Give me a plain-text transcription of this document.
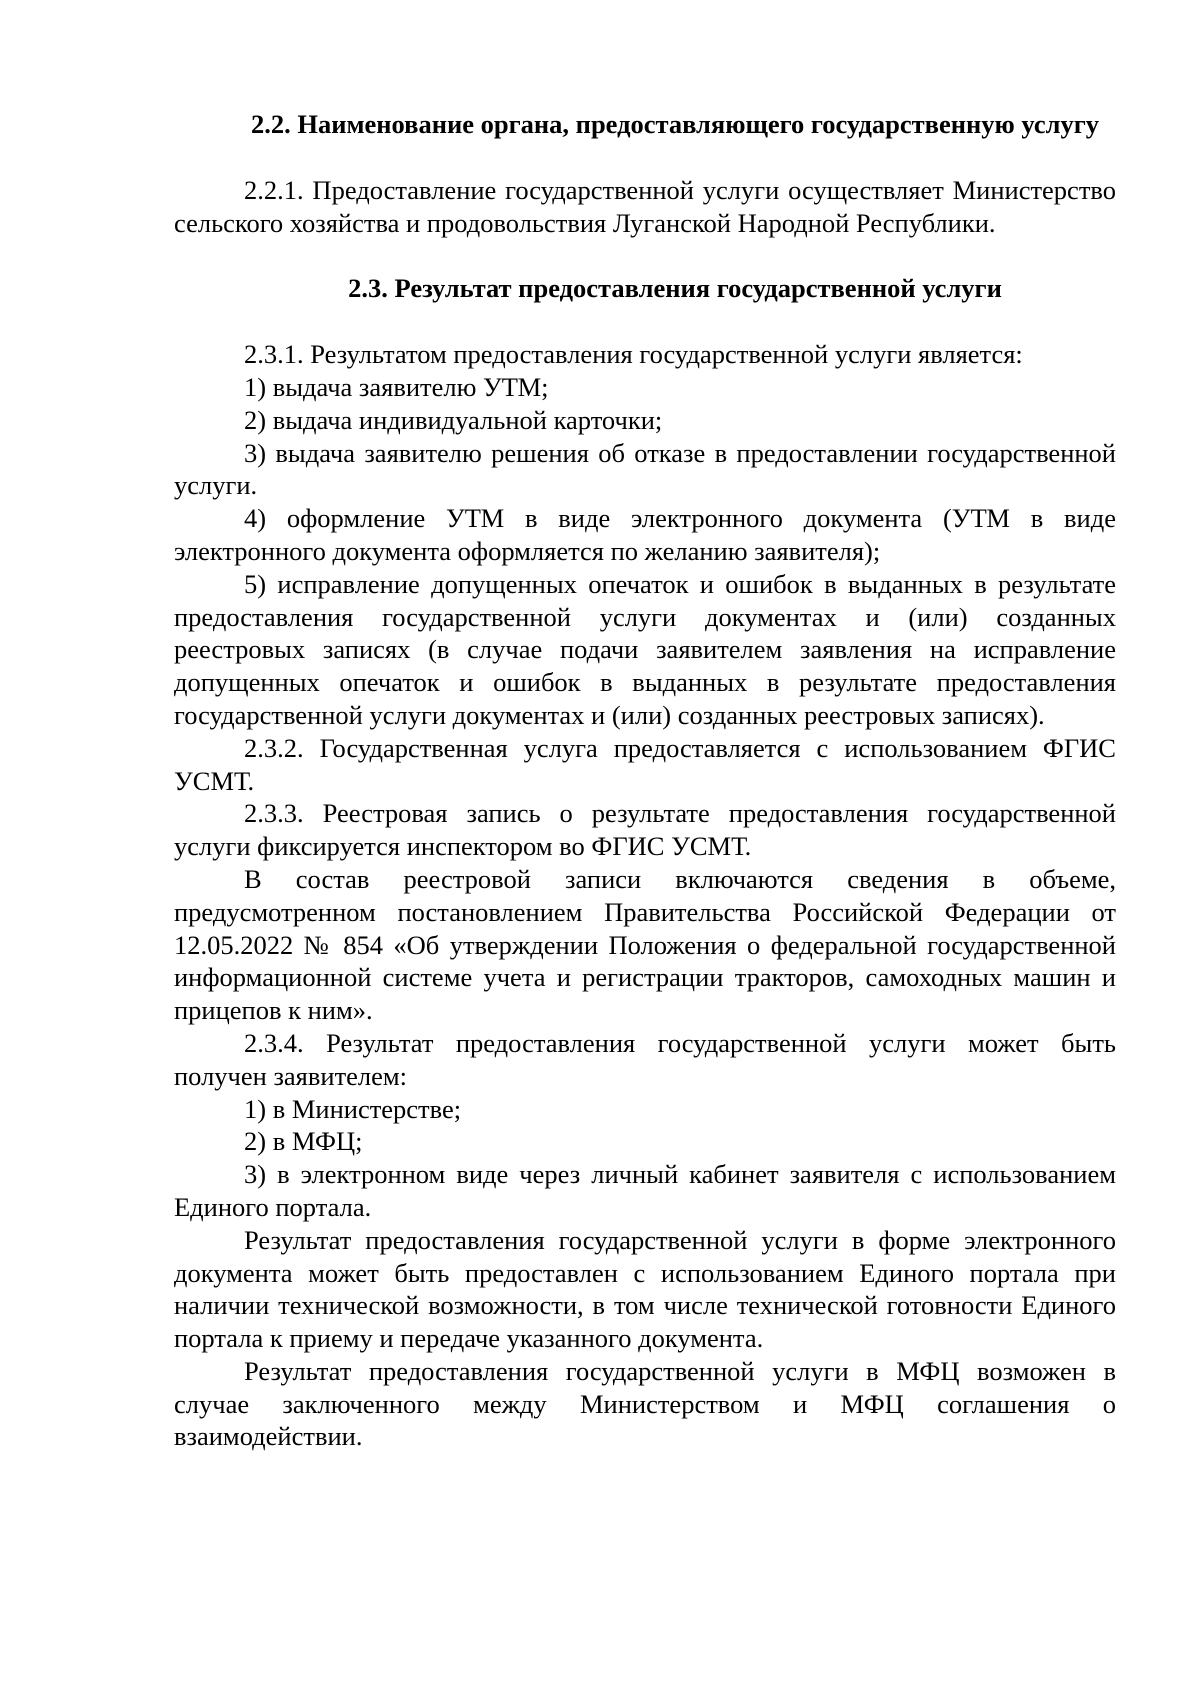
2.2. Наименование органа, предоставляющего государственную услугу

2.2.1. Предоставление государственной услуги осуществляет Министерство сельского хозяйства и продовольствия Луганской Народной Республики.

2.3. Результат предоставления государственной услуги

2.3.1. Результатом предоставления государственной услуги является:

1) выдача заявителю УТМ;

2) выдача индивидуальной карточки;

3) выдача заявителю решения об отказе в предоставлении государственной услуги.

4) оформление УТМ в виде электронного документа (УТМ в виде электронного документа оформляется по желанию заявителя);

5) исправление допущенных опечаток и ошибок в выданных в результате предоставления государственной услуги документах и (или) созданных реестровых записях (в случае подачи заявителем заявления на исправление допущенных опечаток и ошибок в выданных в результате предоставления государственной услуги документах и (или) созданных реестровых записях).

2.3.2. Государственная услуга предоставляется с использованием ФГИС УСМТ.

2.3.3. Реестровая запись о результате предоставления государственной услуги фиксируется инспектором во ФГИС УСМТ.

В состав реестровой записи включаются сведения в объеме, предусмотренном постановлением Правительства Российской Федерации от 12.05.2022 № 854 «Об утверждении Положения о федеральной государственной информационной системе учета и регистрации тракторов, самоходных машин и прицепов к ним».

2.3.4. Результат предоставления государственной услуги может быть получен заявителем:

1) в Министерстве;

2) в МФЦ;

3) в электронном виде через личный кабинет заявителя с использованием Единого портала.

Результат предоставления государственной услуги в форме электронного документа может быть предоставлен с использованием Единого портала при наличии технической возможности, в том числе технической готовности Единого портала к приему и передаче указанного документа.

Результат предоставления государственной услуги в МФЦ возможен в случае заключенного между Министерством и МФЦ соглашения о взаимодействии.
